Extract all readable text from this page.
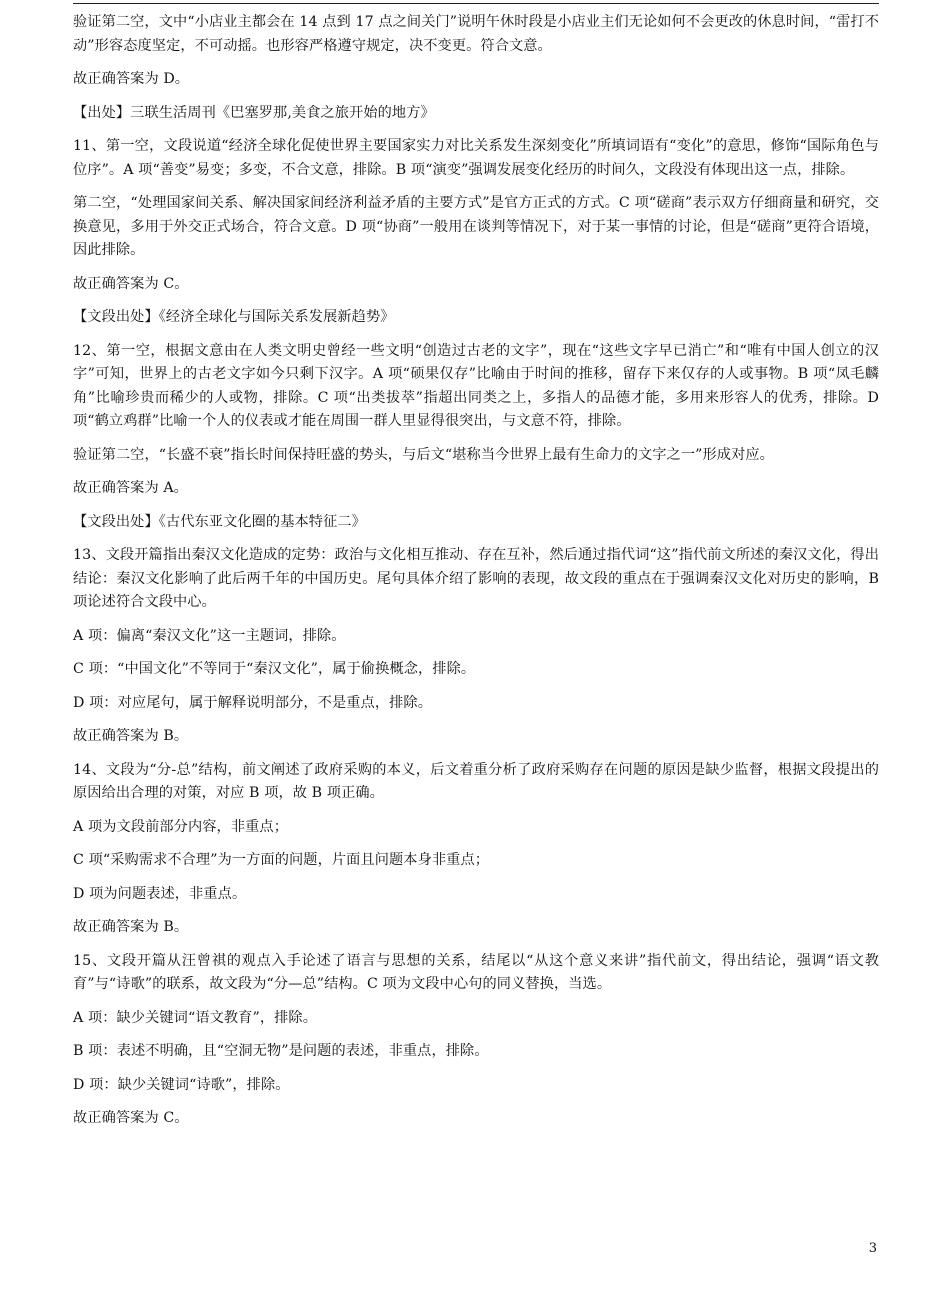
验证第二空，文中“小店业主都会在 14 点到 17 点之间关门”说明午休时段是小店业主们无论如何不会更改的休息时间，“雷打不动”形容态度坚定，不可动摇。也形容严格遵守规定，决不变更。符合文意。

故正确答案为 D。

【出处】三联生活周刊《巴塞罗那,美食之旅开始的地方》

11、第一空，文段说道“经济全球化促使世界主要国家实力对比关系发生深刻变化”所填词语有“变化”的意思，修饰“国际角色与位序”。A 项“善变”易变；多变，不合文意，排除。B 项“演变”强调发展变化经历的时间久，文段没有体现出这一点，排除。

第二空，“处理国家间关系、解决国家间经济利益矛盾的主要方式”是官方正式的方式。C 项“磋商”表示双方仔细商量和研究，交换意见，多用于外交正式场合，符合文意。D 项“协商”一般用在谈判等情况下，对于某一事情的讨论，但是“磋商”更符合语境，因此排除。

故正确答案为 C。

【文段出处】《经济全球化与国际关系发展新趋势》

12、第一空，根据文意由在人类文明史曾经一些文明“创造过古老的文字”，现在“这些文字早已消亡”和“唯有中国人创立的汉字”可知，世界上的古老文字如今只剩下汉字。A 项“硕果仅存”比喻由于时间的推移，留存下来仅存的人或事物。B 项“凤毛麟角”比喻珍贵而稀少的人或物，排除。C 项“出类拔萃”指超出同类之上，多指人的品德才能，多用来形容人的优秀，排除。D 项“鹤立鸡群”比喻一个人的仪表或才能在周围一群人里显得很突出，与文意不符，排除。

验证第二空，“长盛不衰”指长时间保持旺盛的势头，与后文“堪称当今世界上最有生命力的文字之一”形成对应。

故正确答案为 A。

【文段出处】《古代东亚文化圈的基本特征二》

13、文段开篇指出秦汉文化造成的定势：政治与文化相互推动、存在互补，然后通过指代词“这”指代前文所述的秦汉文化，得出结论：秦汉文化影响了此后两千年的中国历史。尾句具体介绍了影响的表现，故文段的重点在于强调秦汉文化对历史的影响，B 项论述符合文段中心。

A 项：偏离“秦汉文化”这一主题词，排除。

C 项：“中国文化”不等同于“秦汉文化”，属于偷换概念，排除。

D 项：对应尾句，属于解释说明部分，不是重点，排除。

故正确答案为 B。

14、文段为“分-总”结构，前文阐述了政府采购的本义，后文着重分析了政府采购存在问题的原因是缺少监督，根据文段提出的原因给出合理的对策，对应 B 项，故 B 项正确。

A 项为文段前部分内容，非重点；

C 项“采购需求不合理”为一方面的问题，片面且问题本身非重点；

D 项为问题表述，非重点。

故正确答案为 B。

15、文段开篇从汪曾祺的观点入手论述了语言与思想的关系，结尾以“从这个意义来讲”指代前文，得出结论，强调“语文教育”与“诗歌”的联系，故文段为“分—总”结构。C 项为文段中心句的同义替换，当选。

A 项：缺少关键词“语文教育”，排除。

B 项：表述不明确，且“空洞无物”是问题的表述，非重点，排除。

D 项：缺少关键词“诗歌”，排除。

故正确答案为 C。

3
